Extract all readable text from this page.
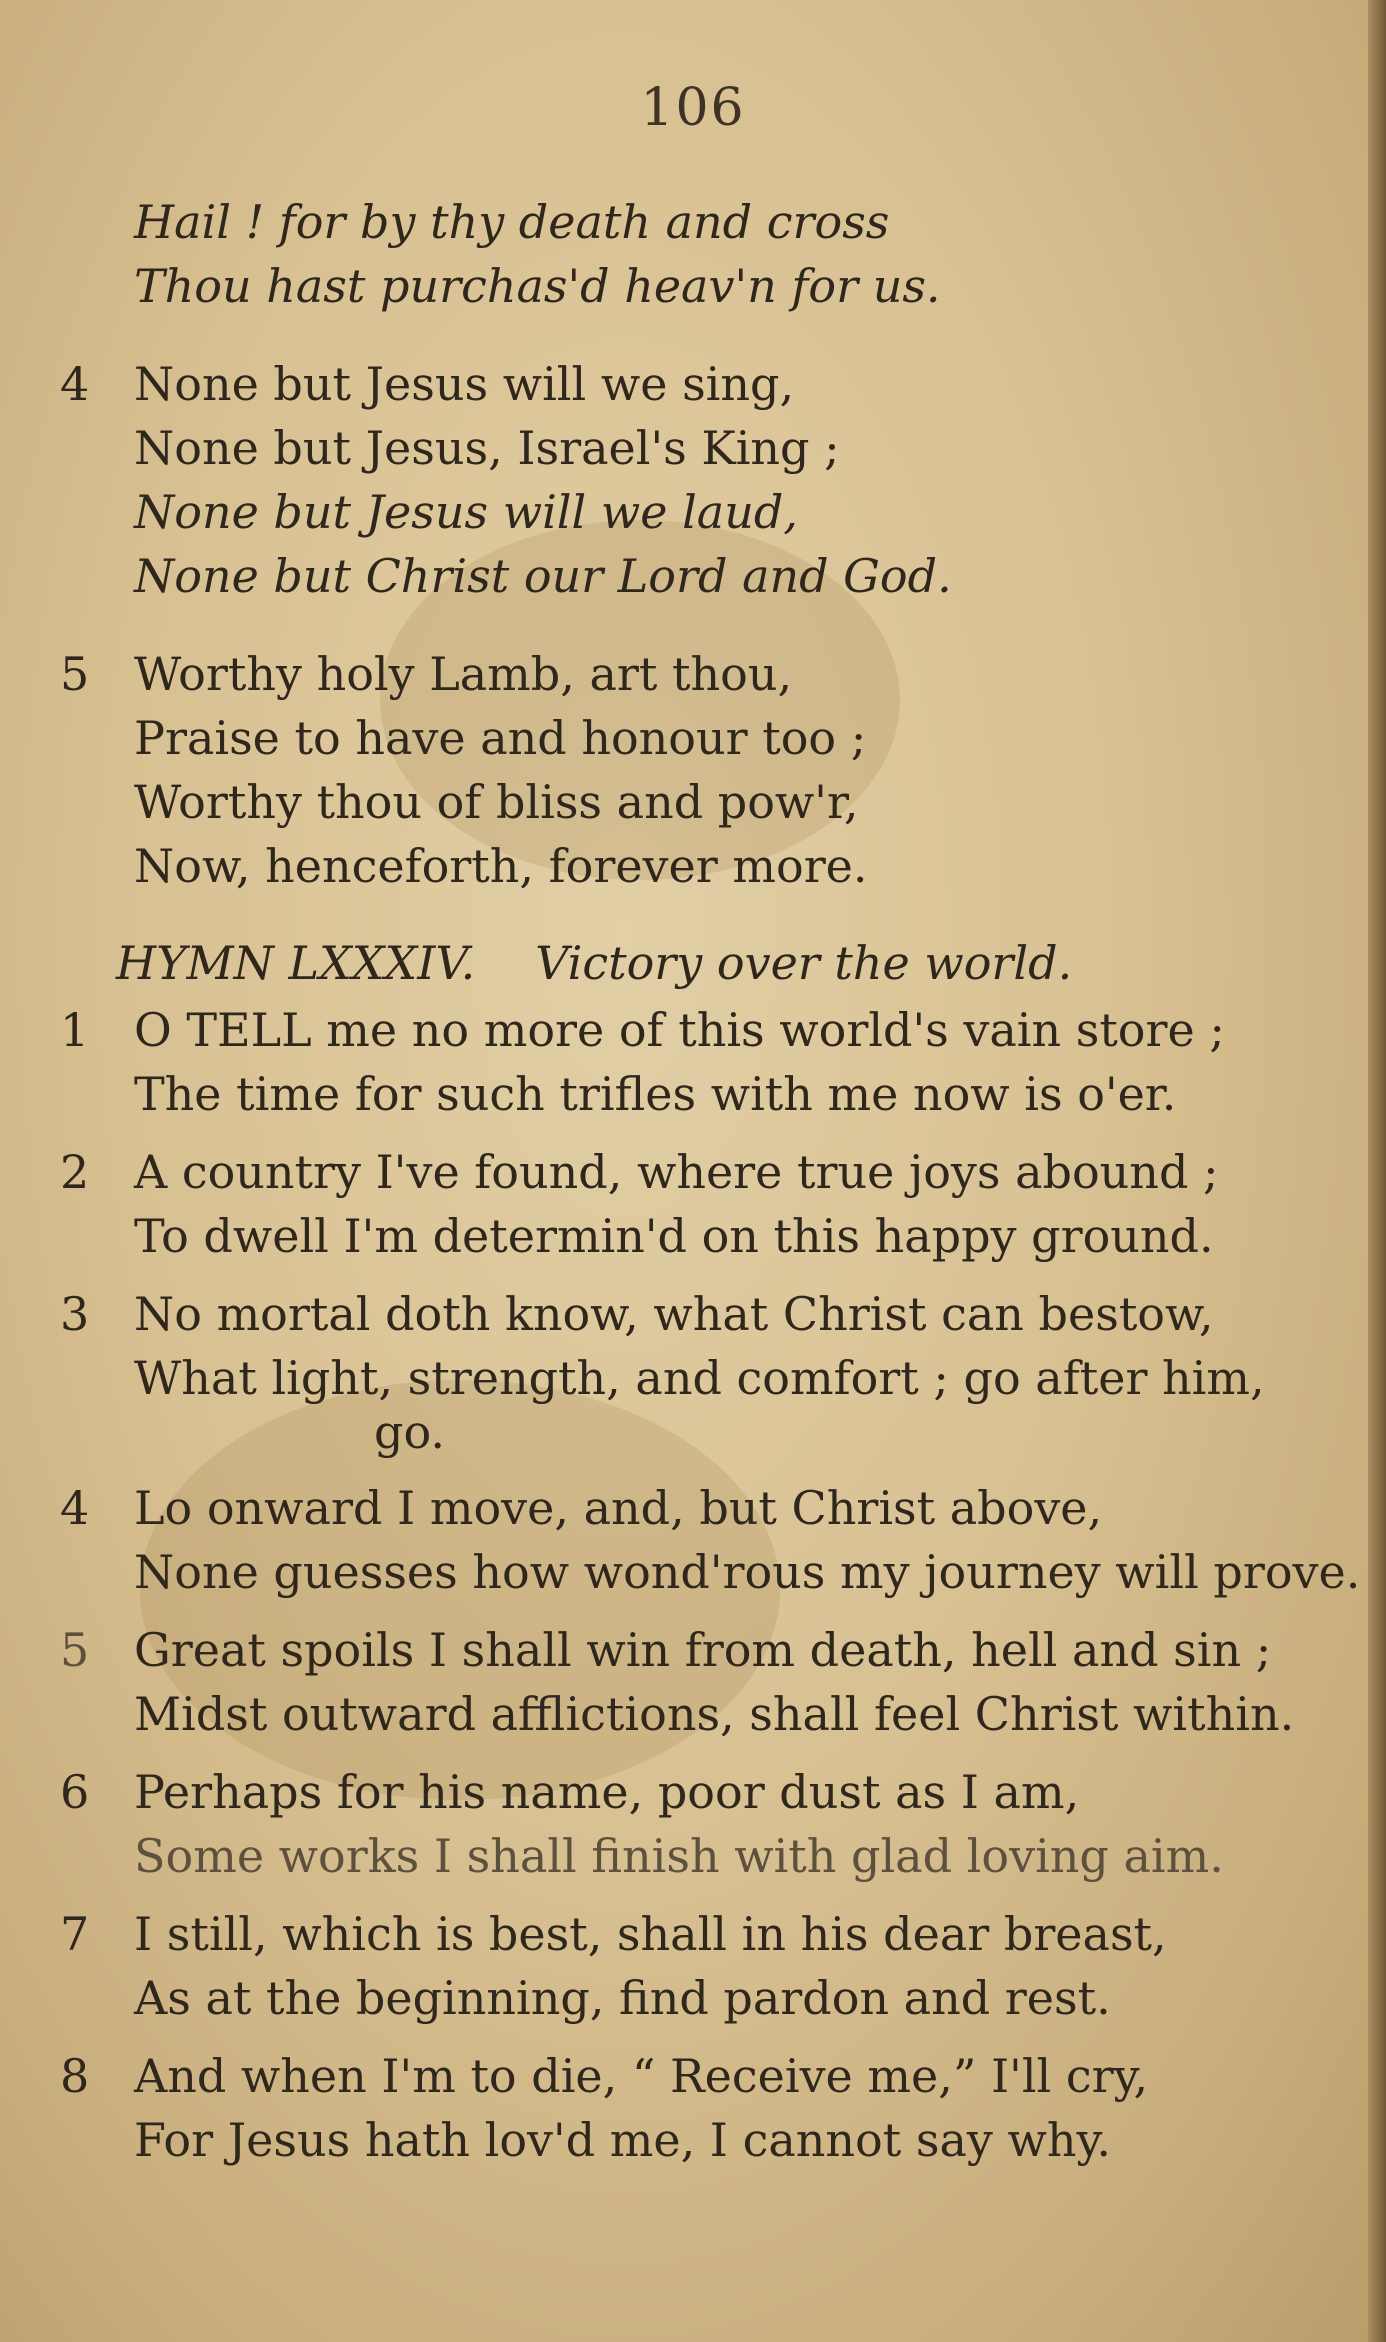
106
Hail ! for by thy death and cross
Thou hast purchas'd heav'n for us.
4 None but Jesus will we sing,
None but Jesus, Israel's King ;
None but Jesus will we laud,
None but Christ our Lord and God.
5 Worthy holy Lamb, art thou,
Praise to have and honour too ;
Worthy thou of bliss and pow'r,
Now, henceforth, forever more.
HYMN LXXXIV. Victory over the world.
1 O TELL me no more of this world's vain store ;
The time for such trifles with me now is o'er.
2 A country I've found, where true joys abound ;
To dwell I'm determin'd on this happy ground.
3 No mortal doth know, what Christ can bestow,
What light, strength, and comfort ; go after him,
go.
4 Lo onward I move, and, but Christ above,
None guesses how wond'rous my journey will prove.
5 Great spoils I shall win from death, hell and sin ;
Midst outward afflictions, shall feel Christ within.
6 Perhaps for his name, poor dust as I am,
Some works I shall finish with glad loving aim.
7 I still, which is best, shall in his dear breast,
As at the beginning, find pardon and rest.
8 And when I'm to die, “ Receive me,” I'll cry,
For Jesus hath lov'd me, I cannot say why.
